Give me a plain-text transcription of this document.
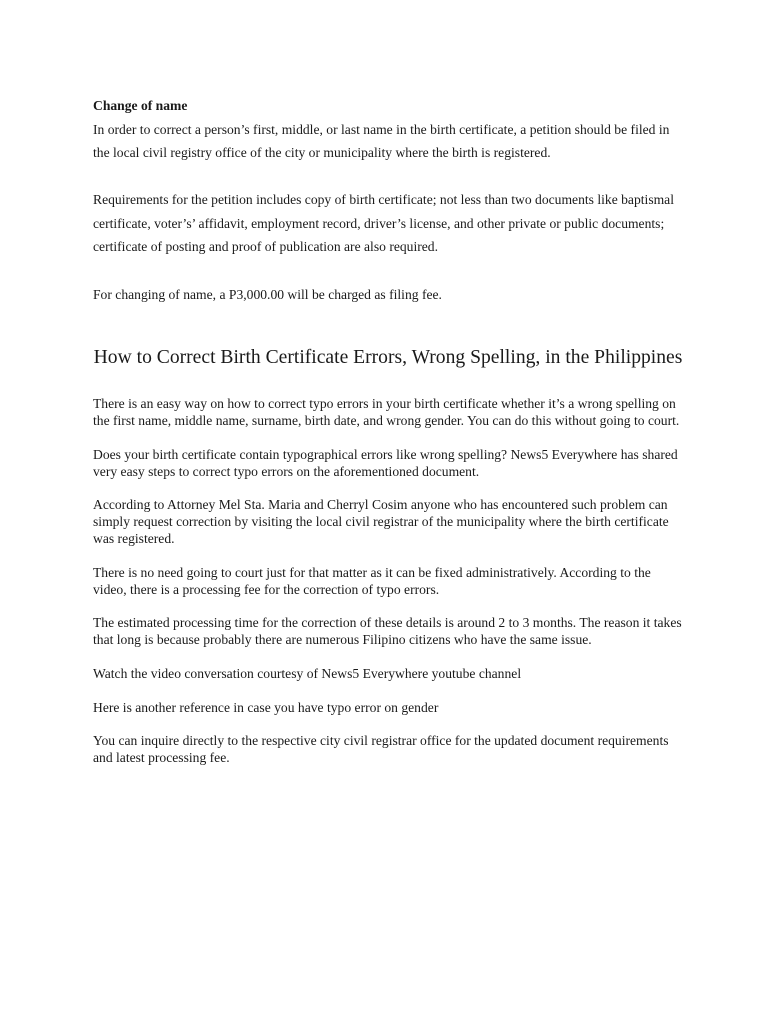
Change of name

In order to correct a person’s first, middle, or last name in the birth certificate, a petition should be filed in the local civil registry office of the city or municipality where the birth is registered.

Requirements for the petition includes copy of birth certificate; not less than two documents like baptismal certificate, voter’s’ affidavit, employment record, driver’s license, and other private or public documents; certificate of posting and proof of publication are also required.

For changing of name, a P3,000.00 will be charged as filing fee.

How to Correct Birth Certificate Errors, Wrong Spelling, in the Philippines

There is an easy way on how to correct typo errors in your birth certificate whether it’s a wrong spelling on the first name, middle name, surname, birth date, and wrong gender. You can do this without going to court.

Does your birth certificate contain typographical errors like wrong spelling? News5 Everywhere has shared very easy steps to correct typo errors on the aforementioned document.

According to Attorney Mel Sta. Maria and Cherryl Cosim anyone who has encountered such problem can simply request correction by visiting the local civil registrar of the municipality where the birth certificate was registered.

There is no need going to court just for that matter as it can be fixed administratively. According to the video, there is a processing fee for the correction of typo errors.

The estimated processing time for the correction of these details is around 2 to 3 months. The reason it takes that long is because probably there are numerous Filipino citizens who have the same issue.

Watch the video conversation courtesy of News5 Everywhere youtube channel

Here is another reference in case you have typo error on gender

You can inquire directly to the respective city civil registrar office for the updated document requirements and latest processing fee.
